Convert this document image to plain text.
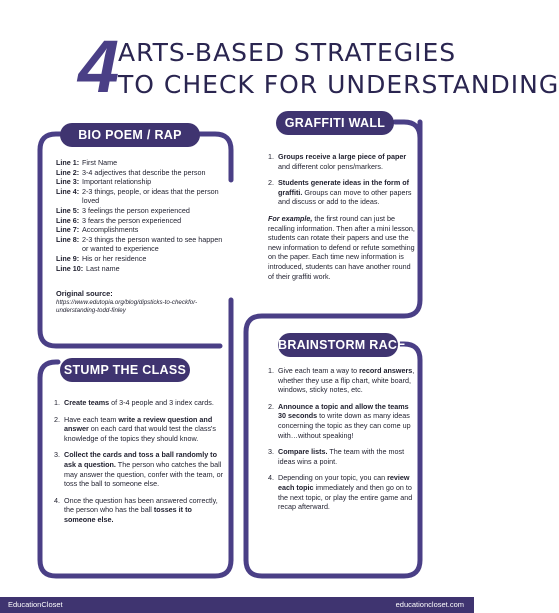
4
ARTS-BASED STRATEGIES
TO CHECK FOR UNDERSTANDING
BIO POEM / RAP
Line 1: First Name
Line 2: 3-4 adjectives that describe the person
Line 3: Important relationship
Line 4: 2-3 things, people, or ideas that the person loved
Line 5: 3 feelings the person experienced
Line 6: 3 fears the person experienced
Line 7: Accomplishments
Line 8: 2-3 things the person wanted to see happen or wanted to experience
Line 9: His or her residence
Line 10: Last name
Original source:
https://www.edutopia.org/blog/dipsticks-to-checkfor-understanding-todd-finley
GRAFFITI WALL
1. Groups receive a large piece of paper and different color pens/markers.
2. Students generate ideas in the form of graffiti. Groups can move to other papers and discuss or add to the ideas.
For example, the first round can just be recalling information. Then after a mini lesson, students can rotate their papers and use the new information to defend or refute something on the paper. Each time new information is introduced, students can have another round of their graffiti work.
STUMP THE CLASS
1. Create teams of 3-4 people and 3 index cards.
2. Have each team write a review question and answer on each card that would test the class's knowledge of the topics they should know.
3. Collect the cards and toss a ball randomly to ask a question. The person who catches the ball may answer the question, confer with the team, or toss the ball to someone else.
4. Once the question has been answered correctly, the person who has the ball tosses it to someone else.
BRAINSTORM RACE
1. Give each team a way to record answers, whether they use a flip chart, white board, windows, sticky notes, etc.
2. Announce a topic and allow the teams 30 seconds to write down as many ideas concerning the topic as they can come up with…without speaking!
3. Compare lists. The team with the most ideas wins a point.
4. Depending on your topic, you can review each topic immediately and then go on to the next topic, or play the entire game and recap afterward.
EducationCloset	educationcloset.com
